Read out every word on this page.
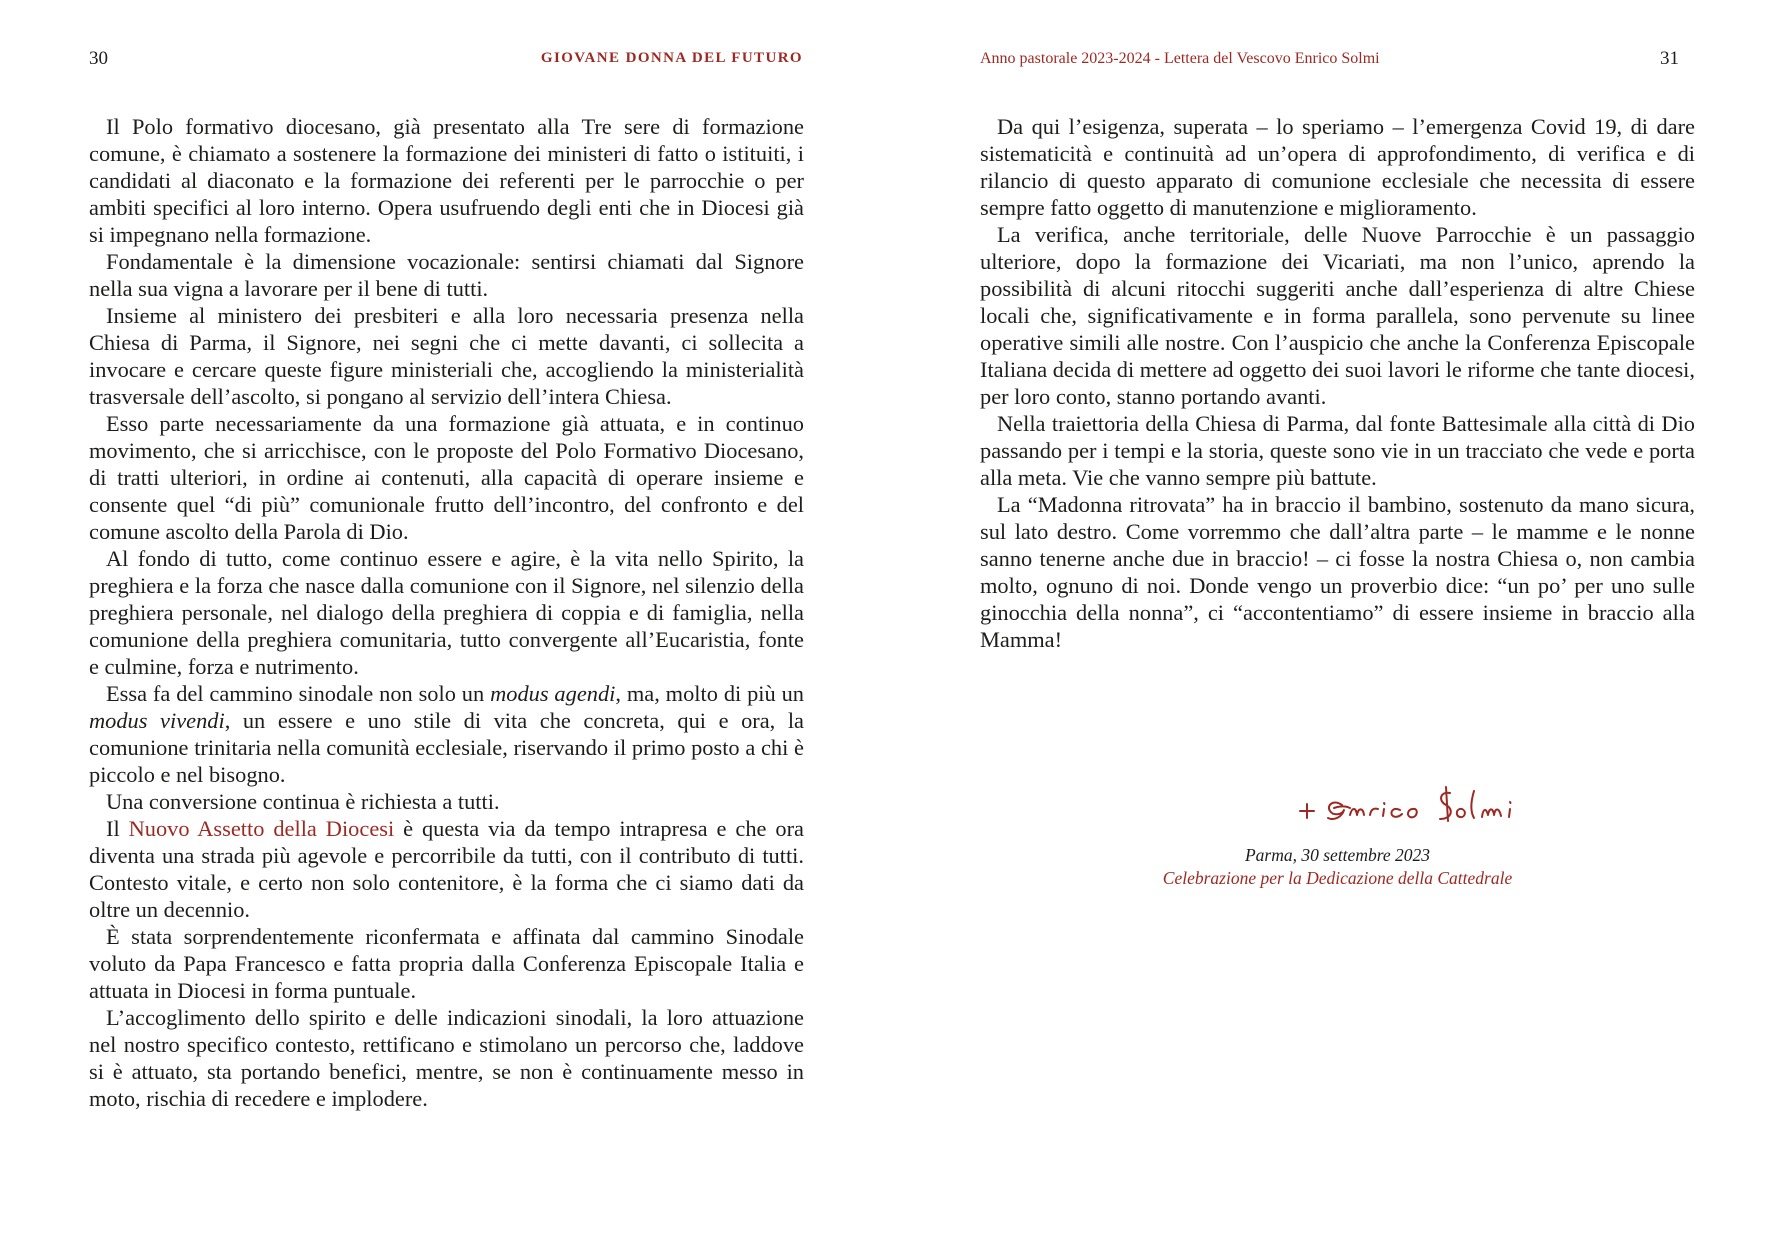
30	GIOVANE DONNA DEL FUTURO

Il Polo formativo diocesano, già presentato alla Tre sere di formazione comune, è chiamato a sostenere la formazione dei ministeri di fatto o istituiti, i candidati al diaconato e la formazione dei referenti per le parrocchie o per ambiti specifici al loro interno. Opera usufruendo degli enti che in Diocesi già si impegnano nella formazione.

Fondamentale è la dimensione vocazionale: sentirsi chiamati dal Signore nella sua vigna a lavorare per il bene di tutti.

Insieme al ministero dei presbiteri e alla loro necessaria presenza nella Chiesa di Parma, il Signore, nei segni che ci mette davanti, ci sollecita a invocare e cercare queste figure ministeriali che, accogliendo la ministerialità trasversale dell’ascolto, si pongano al servizio dell’intera Chiesa.

Esso parte necessariamente da una formazione già attuata, e in continuo movimento, che si arricchisce, con le proposte del Polo Formativo Diocesano, di tratti ulteriori, in ordine ai contenuti, alla capacità di operare insieme e consente quel “di più” comunionale frutto dell’incontro, del confronto e del comune ascolto della Parola di Dio.

Al fondo di tutto, come continuo essere e agire, è la vita nello Spirito, la preghiera e la forza che nasce dalla comunione con il Signore, nel silenzio della preghiera personale, nel dialogo della preghiera di coppia e di famiglia, nella comunione della preghiera comunitaria, tutto convergente all’Eucaristia, fonte e culmine, forza e nutrimento.

Essa fa del cammino sinodale non solo un modus agendi, ma, molto di più un modus vivendi, un essere e uno stile di vita che concreta, qui e ora, la comunione trinitaria nella comunità ecclesiale, riservando il primo posto a chi è piccolo e nel bisogno.

Una conversione continua è richiesta a tutti.

Il Nuovo Assetto della Diocesi è questa via da tempo intrapresa e che ora diventa una strada più agevole e percorribile da tutti, con il contributo di tutti. Contesto vitale, e certo non solo contenitore, è la forma che ci siamo dati da oltre un decennio.

È stata sorprendentemente riconfermata e affinata dal cammino Sinodale voluto da Papa Francesco e fatta propria dalla Conferenza Episcopale Italia e attuata in Diocesi in forma puntuale.

L’accoglimento dello spirito e delle indicazioni sinodali, la loro attuazione nel nostro specifico contesto, rettificano e stimolano un percorso che, laddove si è attuato, sta portando benefici, mentre, se non è continuamente messo in moto, rischia di recedere e implodere.

Anno pastorale 2023-2024 - Lettera del Vescovo Enrico Solmi	31

Da qui l’esigenza, superata – lo speriamo – l’emergenza Covid 19, di dare sistematicità e continuità ad un’opera di approfondimento, di verifica e di rilancio di questo apparato di comunione ecclesiale che necessita di essere sempre fatto oggetto di manutenzione e miglioramento.

La verifica, anche territoriale, delle Nuove Parrocchie è un passaggio ulteriore, dopo la formazione dei Vicariati, ma non l’unico, aprendo la possibilità di alcuni ritocchi suggeriti anche dall’esperienza di altre Chiese locali che, significativamente e in forma parallela, sono pervenute su linee operative simili alle nostre. Con l’auspicio che anche la Conferenza Episcopale Italiana decida di mettere ad oggetto dei suoi lavori le riforme che tante diocesi, per loro conto, stanno portando avanti.

Nella traiettoria della Chiesa di Parma, dal fonte Battesimale alla città di Dio passando per i tempi e la storia, queste sono vie in un tracciato che vede e porta alla meta. Vie che vanno sempre più battute.

La “Madonna ritrovata” ha in braccio il bambino, sostenuto da mano sicura, sul lato destro. Come vorremmo che dall’altra parte – le mamme e le nonne sanno tenerne anche due in braccio! – ci fosse la nostra Chiesa o, non cambia molto, ognuno di noi. Donde vengo un proverbio dice: “un po’ per uno sulle ginocchia della nonna”, ci “accontentiamo” di essere insieme in braccio alla Mamma!

Parma, 30 settembre 2023
Celebrazione per la Dedicazione della Cattedrale
